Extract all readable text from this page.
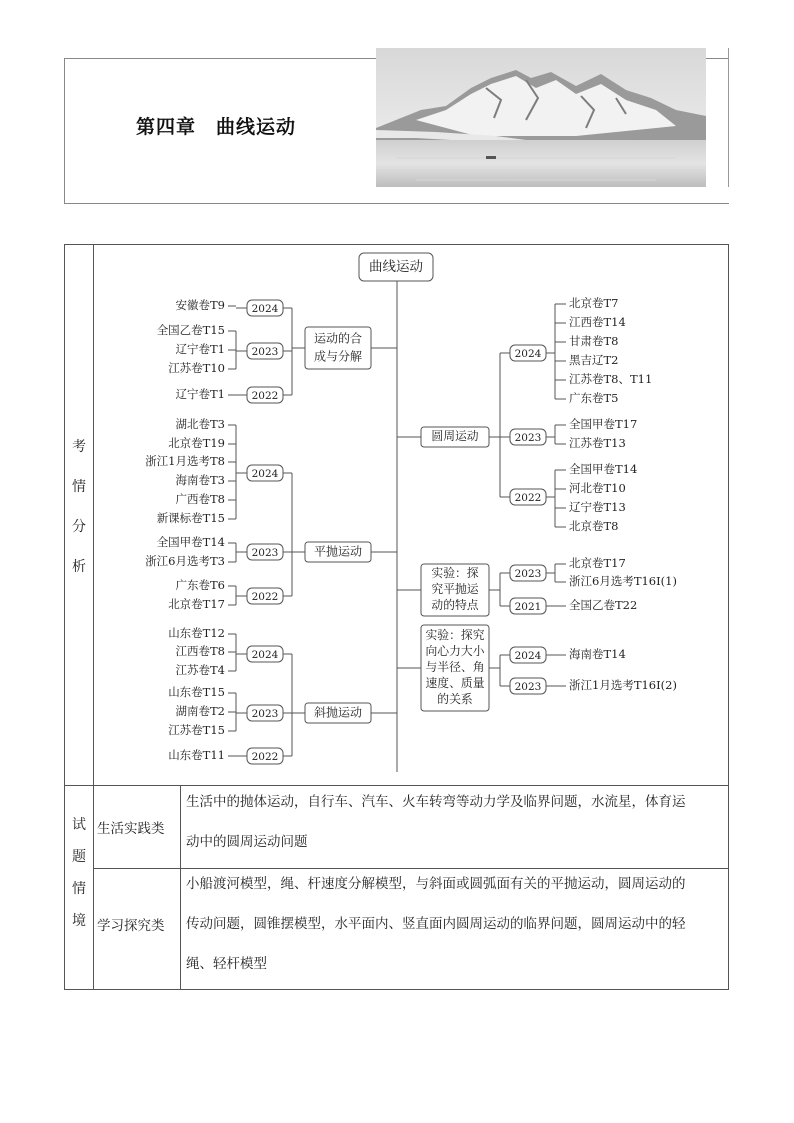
第四章　曲线运动
考
情
分
析
试
题
情
境
生活实践类
学习探究类
生活中的抛体运动，自行车、汽车、火车转弯等动力学及临界问题，水流星，体育运
动中的圆周运动问题
小船渡河模型，绳、杆速度分解模型，与斜面或圆弧面有关的平抛运动，圆周运动的
传动问题，圆锥摆模型，水平面内、竖直面内圆周运动的临界问题，圆周运动中的轻
绳、轻杆模型
曲线运动
运动的合
成与分解
2024
安徽卷T9
2023
全国乙卷T15
辽宁卷T1
江苏卷T10
2022
辽宁卷T1
平抛运动
2024
湖北卷T3
北京卷T19
浙江1月选考T8
海南卷T3
广西卷T8
新课标卷T15
2023
全国甲卷T14
浙江6月选考T3
2022
广东卷T6
北京卷T17
斜抛运动
2024
山东卷T12
江西卷T8
江苏卷T4
2023
山东卷T15
湖南卷T2
江苏卷T15
2022
山东卷T11
圆周运动
2024
北京卷T7
江西卷T14
甘肃卷T8
黑吉辽T2
江苏卷T8、T11
广东卷T5
2023
全国甲卷T17
江苏卷T13
2022
全国甲卷T14
河北卷T10
辽宁卷T13
北京卷T8
实验：探
究平抛运
动的特点
2023
北京卷T17
浙江6月选考T16Ⅰ(1)
2021 全国乙卷T22
实验：探究
向心力大小
与半径、角
速度、质量
的关系
2024 海南卷T14
2023 浙江1月选考T16Ⅰ(2)
